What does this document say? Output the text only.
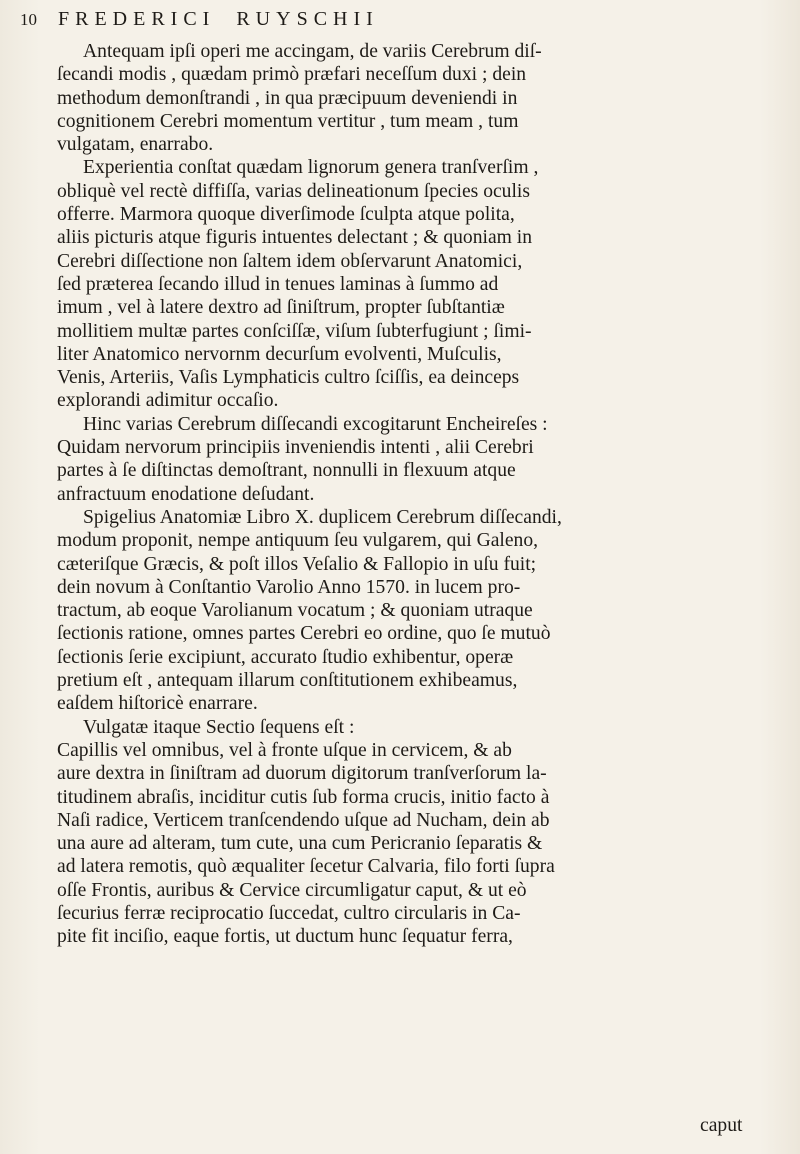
10 FREDERICI RUYSCHII
Antequam ipſi operi me accingam, de variis Cerebrum diſ-
ſecandi modis , quædam primò præfari neceſſum duxi ; dein
methodum demonſtrandi , in qua præcipuum deveniendi in
cognitionem Cerebri momentum vertitur , tum meam , tum
vulgatam, enarrabo.
Experientia conſtat quædam lignorum genera tranſverſim ,
obliquè vel rectè diffiſſa, varias delineationum ſpecies oculis
offerre. Marmora quoque diverſimode ſculpta atque polita,
aliis picturis atque figuris intuentes delectant ; & quoniam in
Cerebri diſſectione non ſaltem idem obſervarunt Anatomici,
ſed præterea ſecando illud in tenues laminas à ſummo ad
imum , vel à latere dextro ad ſiniſtrum, propter ſubſtantiæ
mollitiem multæ partes conſciſſæ, viſum ſubterfugiunt ; ſimi-
liter Anatomico nervornm decurſum evolventi, Muſculis,
Venis, Arteriis, Vaſis Lymphaticis cultro ſciſſis, ea deinceps
explorandi adimitur occaſio.
Hinc varias Cerebrum diſſecandi excogitarunt Encheireſes :
Quidam nervorum principiis inveniendis intenti , alii Cerebri
partes à ſe diſtinctas demoſtrant, nonnulli in flexuum atque
anfractuum enodatione deſudant.
Spigelius Anatomiæ Libro X. duplicem Cerebrum diſſecandi,
modum proponit, nempe antiquum ſeu vulgarem, qui Galeno,
cæteriſque Græcis, & poſt illos Veſalio & Fallopio in uſu fuit;
dein novum à Conſtantio Varolio Anno 1570. in lucem pro-
tractum, ab eoque Varolianum vocatum ; & quoniam utraque
ſectionis ratione, omnes partes Cerebri eo ordine, quo ſe mutuò
ſectionis ſerie excipiunt, accurato ſtudio exhibentur, operæ
pretium eſt , antequam illarum conſtitutionem exhibeamus,
eaſdem hiſtoricè enarrare.
Vulgatæ itaque Sectio ſequens eſt :
Capillis vel omnibus, vel à fronte uſque in cervicem, & ab
aure dextra in ſiniſtram ad duorum digitorum tranſverſorum la-
titudinem abraſis, inciditur cutis ſub forma crucis, initio facto à
Naſi radice, Verticem tranſcendendo uſque ad Nucham, dein ab
una aure ad alteram, tum cute, una cum Pericranio ſeparatis &
ad latera remotis, quò æqualiter ſecetur Calvaria, filo forti ſupra
oſſe Frontis, auribus & Cervice circumligatur caput, & ut eò
ſecurius ferræ reciprocatio ſuccedat, cultro circularis in Ca-
pite fit inciſio, eaque fortis, ut ductum hunc ſequatur ferra,
caput
